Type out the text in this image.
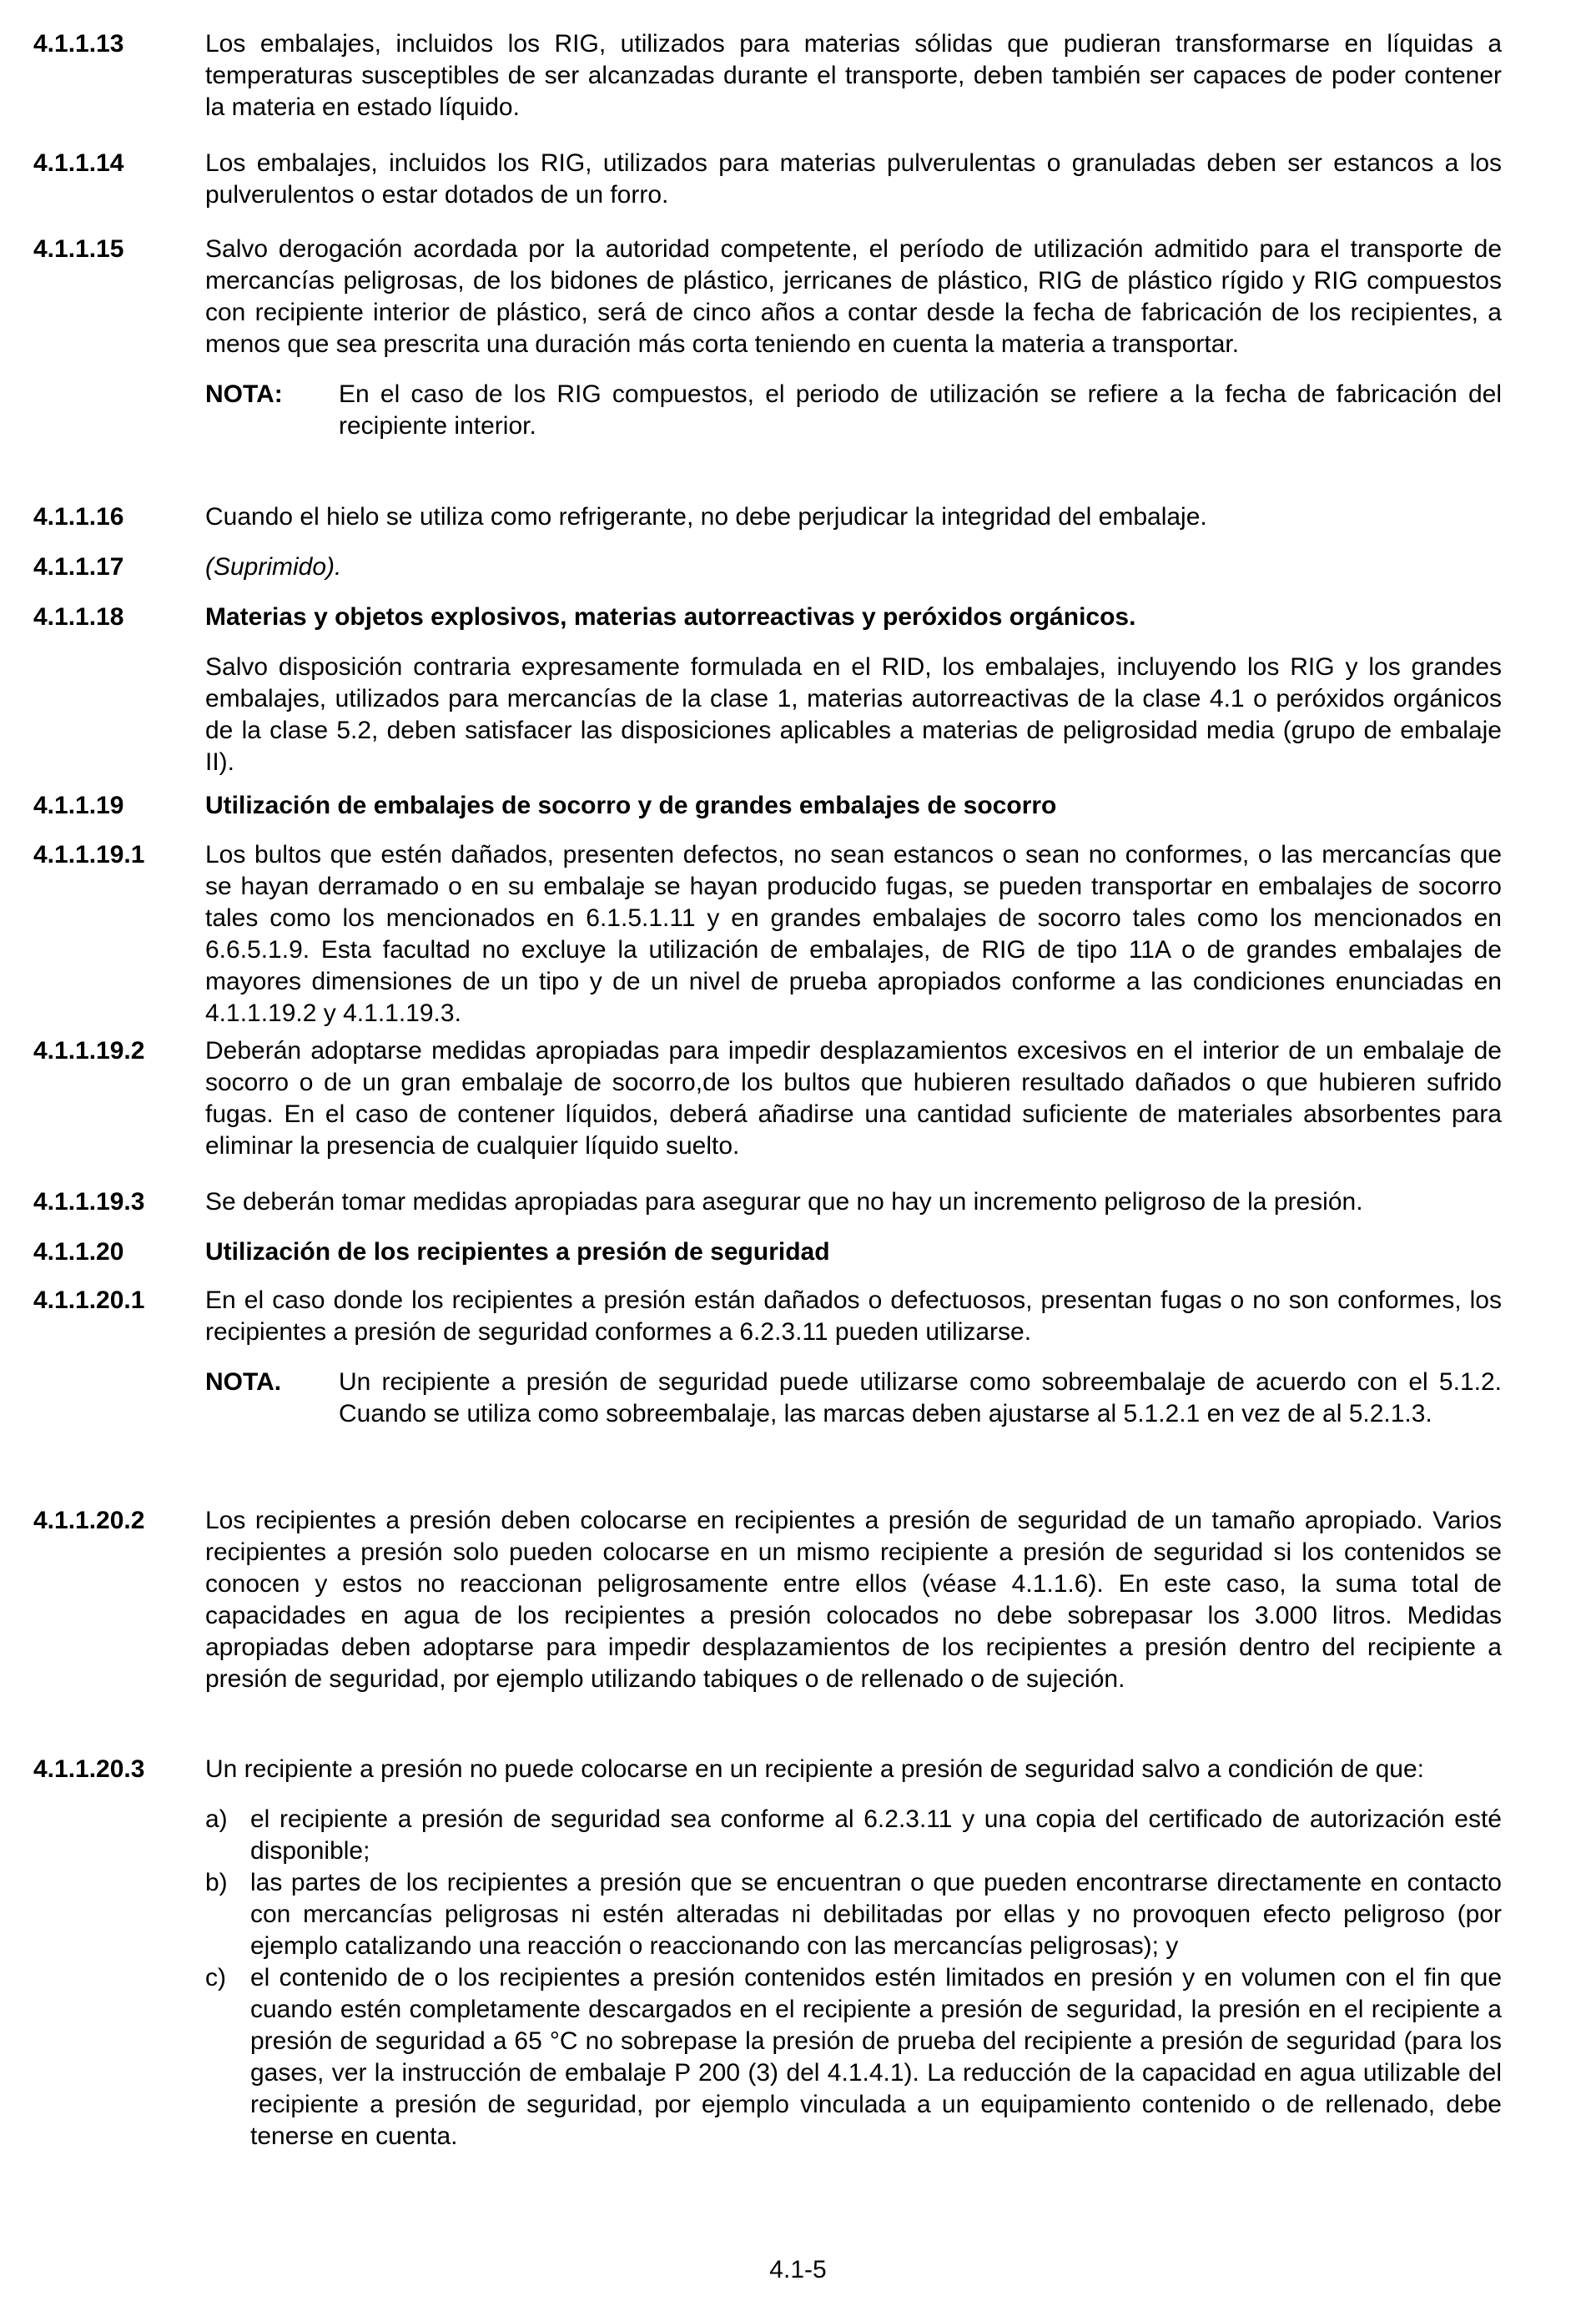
4.1.1.13	Los embalajes, incluidos los RIG, utilizados para materias sólidas que pudieran transformarse en líquidas a temperaturas susceptibles de ser alcanzadas durante el transporte, deben también ser capaces de poder contener la materia en estado líquido.
4.1.1.14	Los embalajes, incluidos los RIG, utilizados para materias pulverulentas o granuladas deben ser estancos a los pulverulentos o estar dotados de un forro.
4.1.1.15	Salvo derogación acordada por la autoridad competente, el período de utilización admitido para el transporte de mercancías peligrosas, de los bidones de plástico, jerricanes de plástico, RIG de plástico rígido y RIG compuestos con recipiente interior de plástico, será de cinco años a contar desde la fecha de fabricación de los recipientes, a menos que sea prescrita una duración más corta teniendo en cuenta la materia a transportar.

NOTA:	En el caso de los RIG compuestos, el periodo de utilización se refiere a la fecha de fabricación del recipiente interior.
4.1.1.16	Cuando el hielo se utiliza como refrigerante, no debe perjudicar la integridad del embalaje.
4.1.1.17	(Suprimido).
4.1.1.18	Materias y objetos explosivos, materias autorreactivas y peróxidos orgánicos.

Salvo disposición contraria expresamente formulada en el RID, los embalajes, incluyendo los RIG y los grandes embalajes, utilizados para mercancías de la clase 1, materias autorreactivas de la clase 4.1 o peróxidos orgánicos de la clase 5.2, deben satisfacer las disposiciones aplicables a materias de peligrosidad media (grupo de embalaje II).

4.1.1.19	Utilización de embalajes de socorro y de grandes embalajes de socorro
4.1.1.19.1	Los bultos que estén dañados, presenten defectos, no sean estancos o sean no conformes, o las mercancías que se hayan derramado o en su embalaje se hayan producido fugas, se pueden transportar en embalajes de socorro tales como los mencionados en 6.1.5.1.11 y en grandes embalajes de socorro tales como los mencionados en 6.6.5.1.9. Esta facultad no excluye la utilización de embalajes, de RIG de tipo 11A o de grandes embalajes de mayores dimensiones de un tipo y de un nivel de prueba apropiados conforme a las condiciones enunciadas en 4.1.1.19.2 y 4.1.1.19.3.
4.1.1.19.2	Deberán adoptarse medidas apropiadas para impedir desplazamientos excesivos en el interior de un embalaje de socorro o de un gran embalaje de socorro,de los bultos que hubieren resultado dañados o que hubieren sufrido fugas. En el caso de contener líquidos, deberá añadirse una cantidad suficiente de materiales absorbentes para eliminar la presencia de cualquier líquido suelto.
4.1.1.19.3	Se deberán tomar medidas apropiadas para asegurar que no hay un incremento peligroso de la presión.
4.1.1.20	Utilización de los recipientes a presión de seguridad
4.1.1.20.1	En el caso donde los recipientes a presión están dañados o defectuosos, presentan fugas o no son conformes, los recipientes a presión de seguridad conformes a 6.2.3.11 pueden utilizarse.

NOTA.	Un recipiente a presión de seguridad puede utilizarse como sobreembalaje de acuerdo con el 5.1.2. Cuando se utiliza como sobreembalaje, las marcas deben ajustarse al 5.1.2.1 en vez de al 5.2.1.3.
4.1.1.20.2	Los recipientes a presión deben colocarse en recipientes a presión de seguridad de un tamaño apropiado. Varios recipientes a presión solo pueden colocarse en un mismo recipiente a presión de seguridad si los contenidos se conocen y estos no reaccionan peligrosamente entre ellos (véase 4.1.1.6). En este caso, la suma total de capacidades en agua de los recipientes a presión colocados no debe sobrepasar los 3.000 litros. Medidas apropiadas deben adoptarse para impedir desplazamientos de los recipientes a presión dentro del recipiente a presión de seguridad, por ejemplo utilizando tabiques o de rellenado o de sujeción.
4.1.1.20.3	Un recipiente a presión no puede colocarse en un recipiente a presión de seguridad salvo a condición de que:

a) el recipiente a presión de seguridad sea conforme al 6.2.3.11 y una copia del certificado de autorización esté disponible;
b) las partes de los recipientes a presión que se encuentran o que pueden encontrarse directamente en contacto con mercancías peligrosas ni estén alteradas ni debilitadas por ellas y no provoquen efecto peligroso (por ejemplo catalizando una reacción o reaccionando con las mercancías peligrosas); y
c) el contenido de o los recipientes a presión contenidos estén limitados en presión y en volumen con el fin que cuando estén completamente descargados en el recipiente a presión de seguridad, la presión en el recipiente a presión de seguridad a 65 °C no sobrepase la presión de prueba del recipiente a presión de seguridad (para los gases, ver la instrucción de embalaje P 200 (3) del 4.1.4.1). La reducción de la capacidad en agua utilizable del recipiente a presión de seguridad, por ejemplo vinculada a un equipamiento contenido o de rellenado, debe tenerse en cuenta.
4.1-5
